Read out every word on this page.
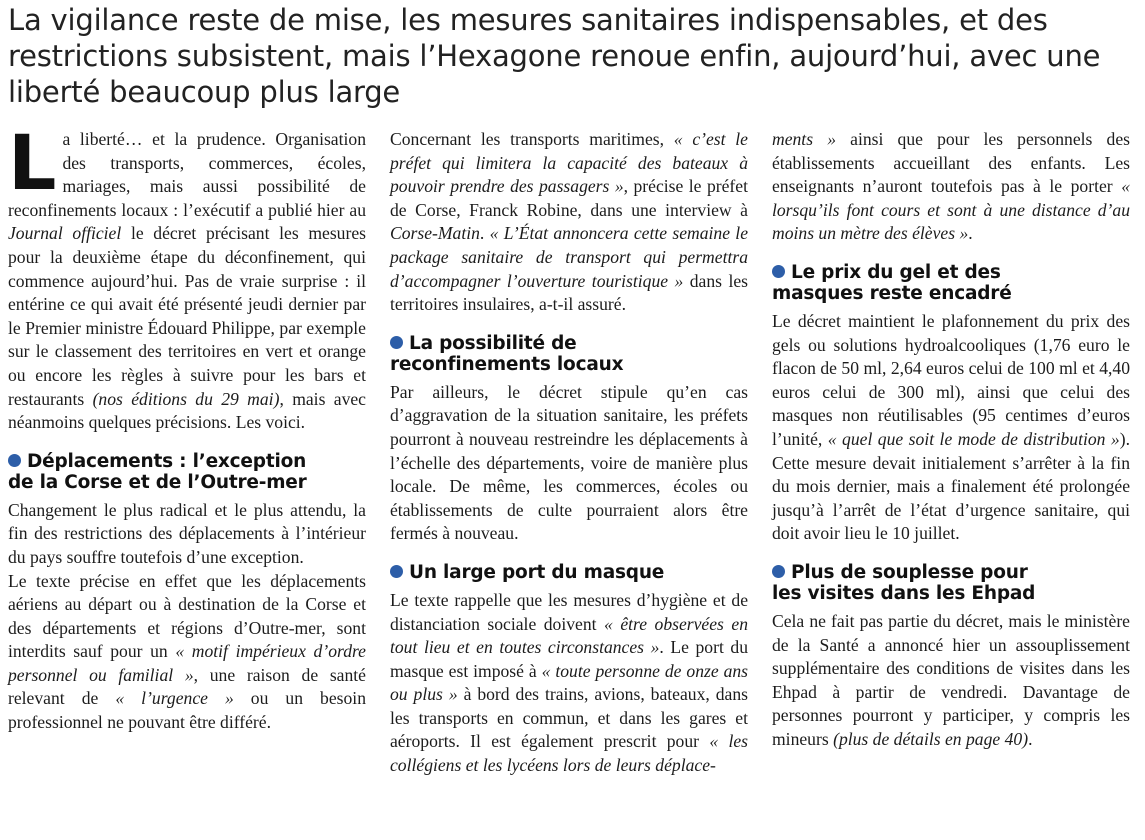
La vigilance reste de mise, les mesures sanitaires indispensables, et des restrictions subsistent, mais l’Hexagone renoue enfin, aujourd’hui, avec une liberté beaucoup plus large

La liberté… et la prudence. Organisation des transports, commerces, écoles, mariages, mais aussi possibilité de reconfinements locaux : l’exécutif a publié hier au Journal officiel le décret précisant les mesures pour la deuxième étape du déconfinement, qui commence aujourd’hui. Pas de vraie surprise : il entérine ce qui avait été présenté jeudi dernier par le Premier ministre Édouard Philippe, par exemple sur le classement des territoires en vert et orange ou encore les règles à suivre pour les bars et restaurants (nos éditions du 29 mai), mais avec néanmoins quelques précisions. Les voici.

Déplacements : l’exception
de la Corse et de l’Outre-mer

Changement le plus radical et le plus attendu, la fin des restrictions des déplacements à l’intérieur du pays souffre toutefois d’une exception.

Le texte précise en effet que les déplacements aériens au départ ou à destination de la Corse et des départements et régions d’Outre-mer, sont interdits sauf pour un « motif impérieux d’ordre personnel ou familial », une raison de santé relevant de « l’urgence » ou un besoin professionnel ne pouvant être différé.

Concernant les transports maritimes, « c’est le préfet qui limitera la capacité des bateaux à pouvoir prendre des passagers », précise le préfet de Corse, Franck Robine, dans une interview à Corse-Matin. « L’État annoncera cette semaine le package sanitaire de transport qui permettra d’accompagner l’ouverture touristique » dans les territoires insulaires, a-t-il assuré.

La possibilité de
reconfinements locaux

Par ailleurs, le décret stipule qu’en cas d’aggravation de la situation sanitaire, les préfets pourront à nouveau restreindre les déplacements à l’échelle des départements, voire de manière plus locale. De même, les commerces, écoles ou établissements de culte pourraient alors être fermés à nouveau.

Un large port du masque

Le texte rappelle que les mesures d’hygiène et de distanciation sociale doivent « être observées en tout lieu et en toutes circonstances ». Le port du masque est imposé à « toute personne de onze ans ou plus » à bord des trains, avions, bateaux, dans les transports en commun, et dans les gares et aéroports. Il est également prescrit pour « les collégiens et les lycéens lors de leurs déplace-

ments » ainsi que pour les personnels des établissements accueillant des enfants. Les enseignants n’auront toutefois pas à le porter « lorsqu’ils font cours et sont à une distance d’au moins un mètre des élèves ».

Le prix du gel et des
masques reste encadré

Le décret maintient le plafonnement du prix des gels ou solutions hydroalcooliques (1,76 euro le flacon de 50 ml, 2,64 euros celui de 100 ml et 4,40 euros celui de 300 ml), ainsi que celui des masques non réutilisables (95 centimes d’euros l’unité, « quel que soit le mode de distribution »). Cette mesure devait initialement s’arrêter à la fin du mois dernier, mais a finalement été prolongée jusqu’à l’arrêt de l’état d’urgence sanitaire, qui doit avoir lieu le 10 juillet.

Plus de souplesse pour
les visites dans les Ehpad

Cela ne fait pas partie du décret, mais le ministère de la Santé a annoncé hier un assouplissement supplémentaire des conditions de visites dans les Ehpad à partir de vendredi. Davantage de personnes pourront y participer, y compris les mineurs (plus de détails en page 40).
